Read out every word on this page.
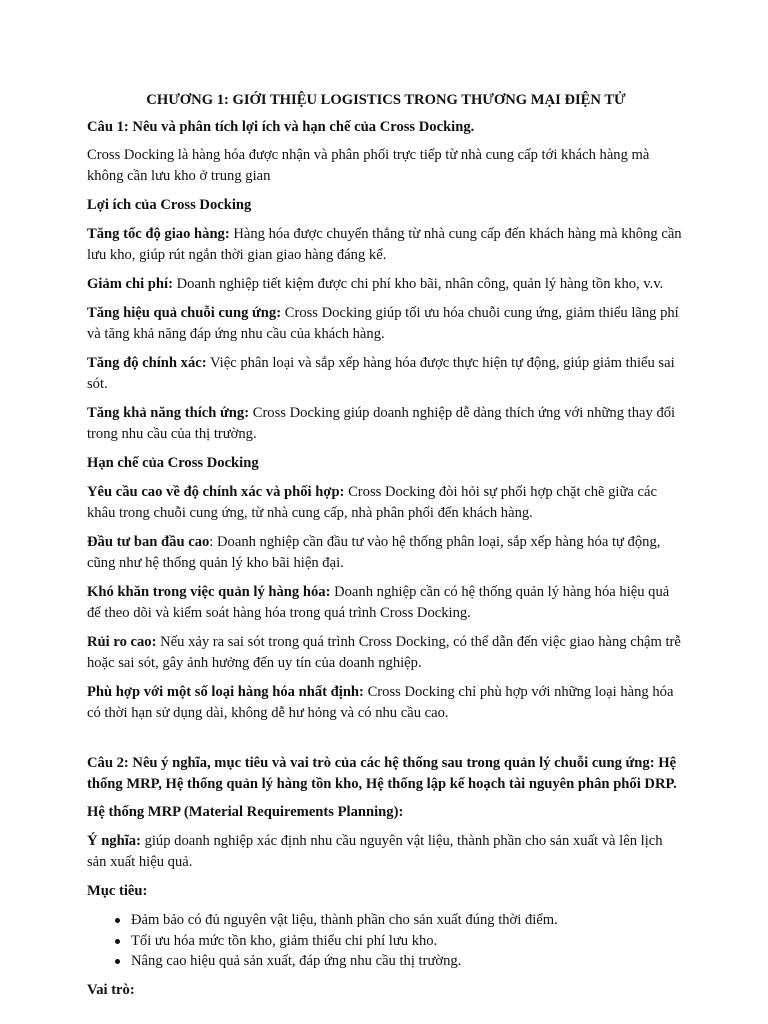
CHƯƠNG 1: GIỚI THIỆU LOGISTICS TRONG THƯƠNG MẠI ĐIỆN TỬ
Câu 1: Nêu và phân tích lợi ích và hạn chế của Cross Docking.
Cross Docking là hàng hóa được nhận và phân phối trực tiếp từ nhà cung cấp tới khách hàng mà không cần lưu kho ở trung gian
Lợi ích của Cross Docking
Tăng tốc độ giao hàng: Hàng hóa được chuyển thẳng từ nhà cung cấp đến khách hàng mà không cần lưu kho, giúp rút ngắn thời gian giao hàng đáng kể.
Giảm chi phí: Doanh nghiệp tiết kiệm được chi phí kho bãi, nhân công, quản lý hàng tồn kho, v.v.
Tăng hiệu quả chuỗi cung ứng: Cross Docking giúp tối ưu hóa chuỗi cung ứng, giảm thiểu lãng phí và tăng khả năng đáp ứng nhu cầu của khách hàng.
Tăng độ chính xác: Việc phân loại và sắp xếp hàng hóa được thực hiện tự động, giúp giảm thiểu sai sót.
Tăng khả năng thích ứng: Cross Docking giúp doanh nghiệp dễ dàng thích ứng với những thay đổi trong nhu cầu của thị trường.
Hạn chế của Cross Docking
Yêu cầu cao về độ chính xác và phối hợp: Cross Docking đòi hỏi sự phối hợp chặt chẽ giữa các khâu trong chuỗi cung ứng, từ nhà cung cấp, nhà phân phối đến khách hàng.
Đầu tư ban đầu cao: Doanh nghiệp cần đầu tư vào hệ thống phân loại, sắp xếp hàng hóa tự động, cũng như hệ thống quản lý kho bãi hiện đại.
Khó khăn trong việc quản lý hàng hóa: Doanh nghiệp cần có hệ thống quản lý hàng hóa hiệu quả để theo dõi và kiểm soát hàng hóa trong quá trình Cross Docking.
Rủi ro cao: Nếu xảy ra sai sót trong quá trình Cross Docking, có thể dẫn đến việc giao hàng chậm trễ hoặc sai sót, gây ảnh hưởng đến uy tín của doanh nghiệp.
Phù hợp với một số loại hàng hóa nhất định: Cross Docking chỉ phù hợp với những loại hàng hóa có thời hạn sử dụng dài, không dễ hư hỏng và có nhu cầu cao.
Câu 2: Nêu ý nghĩa, mục tiêu và vai trò của các hệ thống sau trong quản lý chuỗi cung ứng: Hệ thống MRP, Hệ thống quản lý hàng tồn kho, Hệ thống lập kế hoạch tài nguyên phân phối DRP.
Hệ thống MRP (Material Requirements Planning):
Ý nghĩa: giúp doanh nghiệp xác định nhu cầu nguyên vật liệu, thành phần cho sản xuất và lên lịch sản xuất hiệu quả.
Mục tiêu:
Đảm bảo có đủ nguyên vật liệu, thành phần cho sản xuất đúng thời điểm.
Tối ưu hóa mức tồn kho, giảm thiểu chi phí lưu kho.
Nâng cao hiệu quả sản xuất, đáp ứng nhu cầu thị trường.
Vai trò:
